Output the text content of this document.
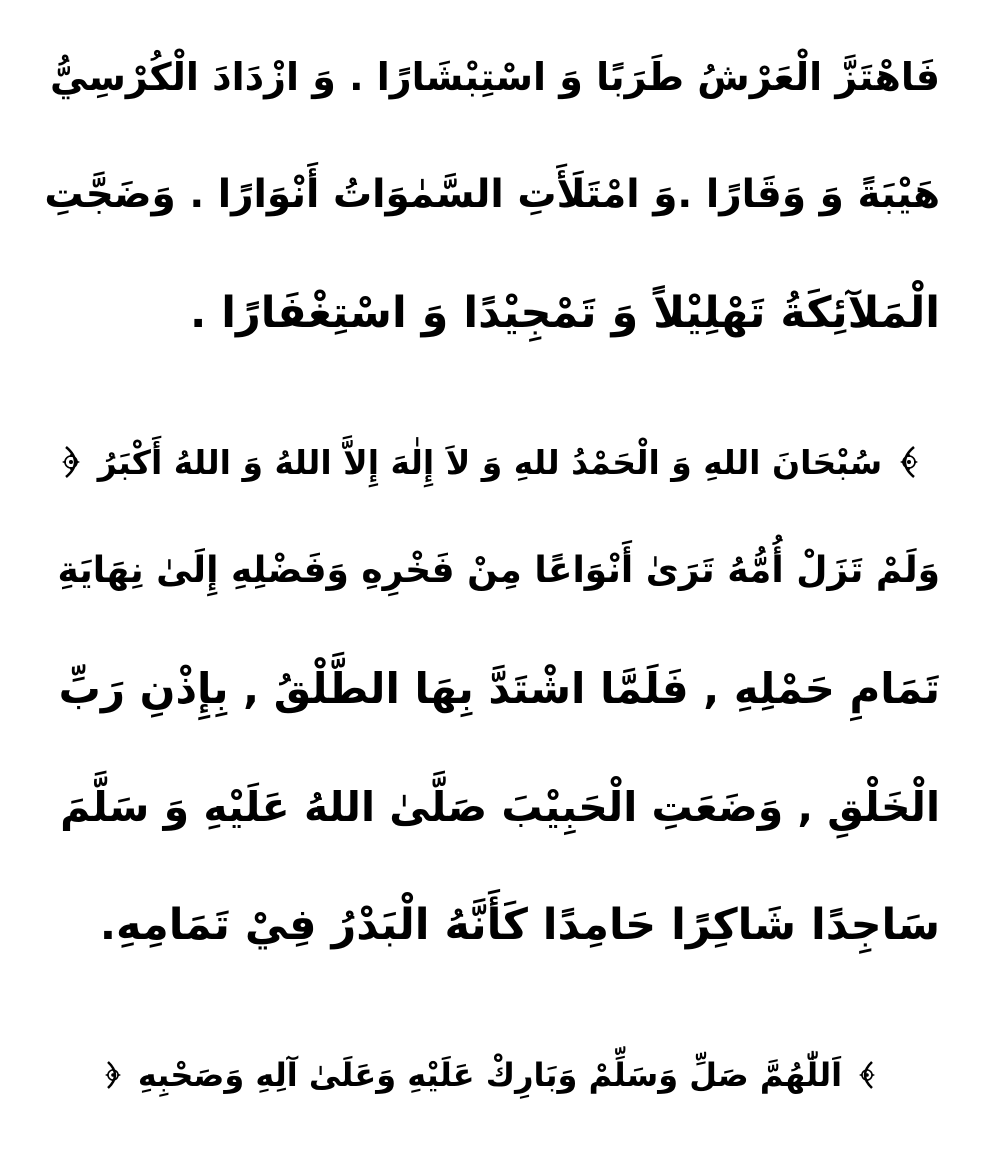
فَاهْتَزَّ الْعَرْشُ طَرَبًا وَ اسْتِبْشَارًا . وَ ازْدَادَ الْكُرْسِيُّ
هَيْبَةً وَ وَقَارًا .وَ امْتَلَأَتِ السَّمٰوَاتُ أَنْوَارًا . وَضَجَّتِ
الْمَلآئِكَةُ تَهْلِيْلاً وَ تَمْجِيْدًا وَ اسْتِغْفَارًا .
سُبْحَانَ اللهِ وَ الْحَمْدُ للهِ وَ لاَ إِلٰهَ إِلاَّ اللهُ وَ اللهُ أَكْبَرُ
وَلَمْ تَزَلْ أُمُّهُ تَرَىٰ أَنْوَاعًا مِنْ فَخْرِهِ وَفَضْلِهِ إِلَىٰ نِهَايَةِ
تَمَامِ حَمْلِهِ , فَلَمَّا اشْتَدَّ بِهَا الطَّلْقُ , بِإِذْنِ رَبِّ
الْخَلْقِ , وَضَعَتِ الْحَبِيْبَ صَلَّىٰ اللهُ عَلَيْهِ وَ سَلَّمَ
سَاجِدًا شَاكِرًا حَامِدًا كَأَنَّهُ الْبَدْرُ فِيْ تَمَامِهِ.
اَللّٰهُمَّ صَلِّ وَسَلِّمْ وَبَارِكْ عَلَيْهِ وَعَلَىٰ آلِهِ وَصَحْبِهِ
